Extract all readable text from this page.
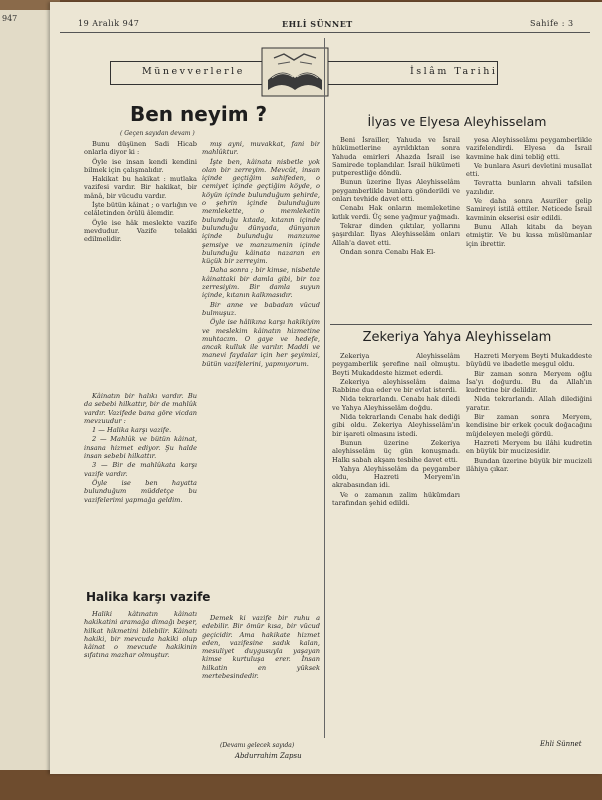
947
19 Aralık 947	EHLİ SÜNNET	Sahife : 3
Münevverlerle	İslâm Tarihi
Ben neyim ?
( Geçen sayıdan devam )

Bunu düşünen Sadi Hicab onlarla diyor ki :

Öyle ise insan kendi kendini bilmek için çalışmalıdır.

Hakikat bu hakikat : mutlaka vazifesi vardır. Bir hakikat, bir mânâ, bir vücudu vardır.

İşte bütün kâinat ; o varlığın ve celâletinden örülü âlemdir.

Öyle ise hâk meslekte vazife mevdudur. Vazife telakki edilmelidir.

Kâinatın bir halıkı vardır. Bu da sebebi hilkattır, bir de mahlûk vardır. Vazifede bana göre vicdan mevzuudur :

1 — Halika karşı vazife.

2 — Mahlûk ve bütün kâinat, insana hizmet ediyor. Şu halde insan sebebi hilkattır.

3 — Bir de mahlûkata karşı vazife vardır.

Öyle ise ben hayatta bulunduğum müddetçe bu vazifelerimi yapmağa geldim.

Halika karşı vazife

Haliki kâtınatın kâinatı hakikatini aramağa dimağı beşer, hilkat hikmetini bilebilir. Kâinatı hakiki, bir mevcuda hakiki olup kâinat o mevcude hakikinin sıfatına mazhar olmuştur.

mış ayni, muvakkat, fani bir mahlûktur.

İşte ben, kâinata nisbetle yok olan bir zerreyim. Mevcût, insan içinde geçtiğim sahifeden, o cemiyet içinde geçtiğim köyde, o köyün içinde bulunduğum şehirde, o şehrin içinde bulunduğum memlekette, o memleketin bulunduğu kıtada, kıtanın içinde bulunduğu dünyada, dünyanın içinde bulunduğu manzume şemsiye ve manzumenin içinde bulunduğu kâinata nazaran en küçük bir zerreyim.

Daha sonra ; bir kimse, nisbetde kâinattaki bir damla gibi, bir toz zerresiyim. Bir damla suyun içinde, kıtanın kalkmasıdır.

Bir anne ve babadan vücud bulmuşuz.

Öyle ise hâlikına karşı hakikiyim ve meslekim kâinatın hizmetine muhtacım. O gaye ve hedefe, ancak kulluk ile varılır. Maddi ve manevi faydalar için her şeyimizi, bütün vazifelerini, yapmıyorum.

Demek ki vazife bir ruhu a edebilir. Bir ömür kısa, bir vücud geçicidir. Ama hakikate hizmet eden, vazifesine sadık kalan, mesuliyet duygusuyla yaşayan kimse kurtuluşa erer. İnsan hilkatin en yüksek mertebesindedir.

(Devamı gelecek sayıda)
Abdurrahim Zapsu
İlyas ve Elyesa Aleyhisselam

Beni İsrailler, Yahuda ve İsrail hükümetlerine ayrıldıktan sonra Yahuda emirleri Ahazda İsrail ise Samirede toplandılar. İsrail hükümeti putperestliğe döndü.

Bunun üzerine İlyas Aleyhisselâm peygamberlikle bunlara gönderildi ve onları tevhide davet etti.

Cenabı Hak onların memleketine kıtlık verdi. Üç sene yağmur yağmadı.

Tekrar dinden çıktılar, yollarını şaşırdılar. İlyas Aleyhisselâm onları Allah'a davet etti.

Ondan sonra Cenabı Hak El-

yesa Aleyhisselâmı peygamberlikle vazifelendirdi. Elyesa da İsrail kavmine hak dini tebliğ etti.

Ve bunlara Asuri devletini musallat etti.

Tevratta bunların ahvali tafsilen yazılıdır.

Ve daha sonra Asuriler gelip Samireyi istilâ ettiler. Neticede İsrail kavminin ekserisi esir edildi.

Bunu Allah kitabı da beyan etmiştir. Ve bu kıssa müslümanlar için ibrettir.

Zekeriya Yahya Aleyhisselam

Zekeriya Aleyhisselâm peygamberlik şerefine nail olmuştu. Beyti Mukaddeste hizmet ederdi.

Zekeriya aleyhisselâm daima Rabbine dua eder ve bir evlat isterdi.

Nida tekrarlandı. Cenabı hak diledi ve Yahya Aleyhisselâm doğdu.

Nida tekrarlandı Cenabı hak dediği gibi oldu. Zekeriya Aleyhisselâm'ın bir işareti olmasını istedi.

Bunun üzerine Zekeriya aleyhisselâm üç gün konuşmadı. Halkı sabah akşam tesbihe davet etti.

Yahya Aleyhisselâm da peygamber oldu, Hazreti Meryem'in akrabasından idi.

Ve o zamanın zalim hükümdarı tarafından şehid edildi.

Hazreti Meryem Beyti Mukaddeste büyüdü ve ibadetle meşgul oldu.

Bir zaman sonra Meryem oğlu İsa'yı doğurdu. Bu da Allah'ın kudretine bir delildir.

Nida tekrarlandı. Allah dilediğini yaratır.

Bir zaman sonra Meryem, kendisine bir erkek çocuk doğacağını müjdeleyen meleği gördü.

Hazreti Meryem bu ilâhi kudretin en büyük bir mucizesidir.

Bundan üzerine büyük bir mucizeli ilâhiya çıkar.

Ehli Sünnet
